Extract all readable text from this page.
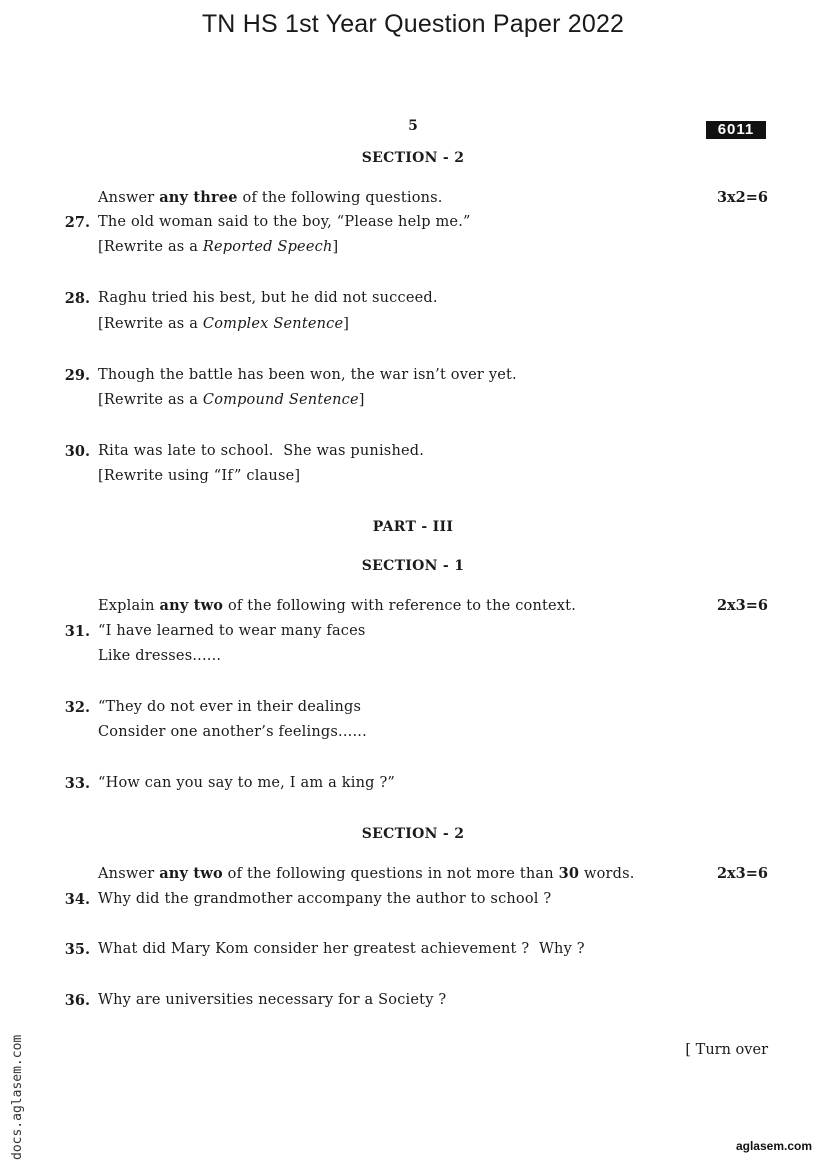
TN HS 1st Year Question Paper 2022
5	6011
SECTION - 2
Answer any three of the following questions.	3x2=6
27. The old woman said to the boy, “Please help me.”
[Rewrite as a Reported Speech]
28. Raghu tried his best, but he did not succeed.
[Rewrite as a Complex Sentence]
29. Though the battle has been won, the war isn’t over yet.
[Rewrite as a Compound Sentence]
30. Rita was late to school.  She was punished.
[Rewrite using “If” clause]
PART - III
SECTION - 1
Explain any two of the following with reference to the context.	2x3=6
31. “I have learned to wear many faces
Like dresses......
32. “They do not ever in their dealings
Consider one another’s feelings......
33. “How can you say to me, I am a king ?”
SECTION - 2
Answer any two of the following questions in not more than 30 words.	2x3=6
34. Why did the grandmother accompany the author to school ?
35. What did Mary Kom consider her greatest achievement ?  Why ?
36. Why are universities necessary for a Society ?
[ Turn over
docs.aglasem.com	aglasem.com
